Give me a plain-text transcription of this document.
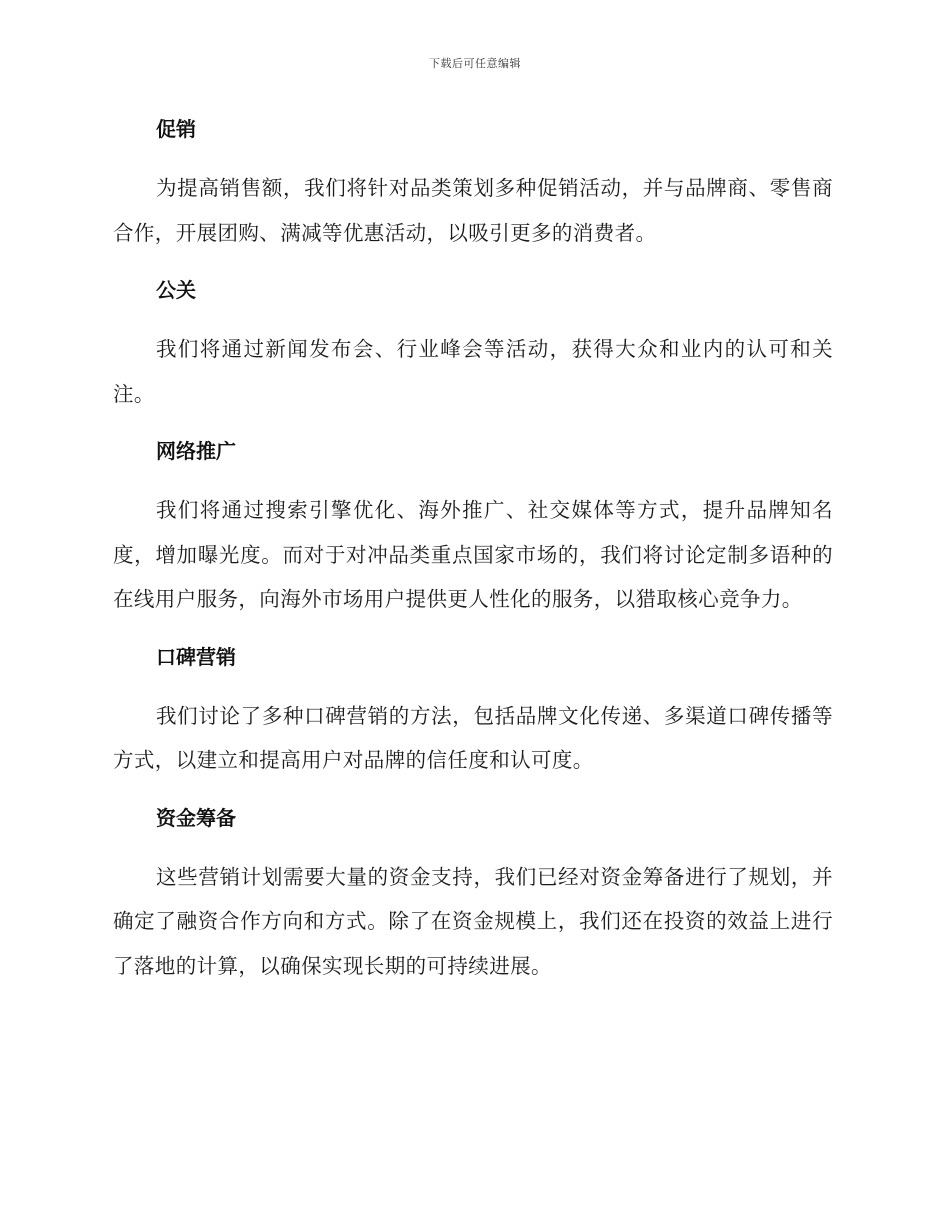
下载后可任意编辑
促销

为提高销售额，我们将针对品类策划多种促销活动，并与品牌商、零售商合作，开展团购、满减等优惠活动，以吸引更多的消费者。

公关

我们将通过新闻发布会、行业峰会等活动，获得大众和业内的认可和关注。

网络推广

我们将通过搜索引擎优化、海外推广、社交媒体等方式，提升品牌知名度，增加曝光度。而对于对冲品类重点国家市场的，我们将讨论定制多语种的在线用户服务，向海外市场用户提供更人性化的服务，以猎取核心竞争力。

口碑营销

我们讨论了多种口碑营销的方法，包括品牌文化传递、多渠道口碑传播等方式，以建立和提高用户对品牌的信任度和认可度。

资金筹备

这些营销计划需要大量的资金支持，我们已经对资金筹备进行了规划，并确定了融资合作方向和方式。除了在资金规模上，我们还在投资的效益上进行了落地的计算，以确保实现长期的可持续进展。
